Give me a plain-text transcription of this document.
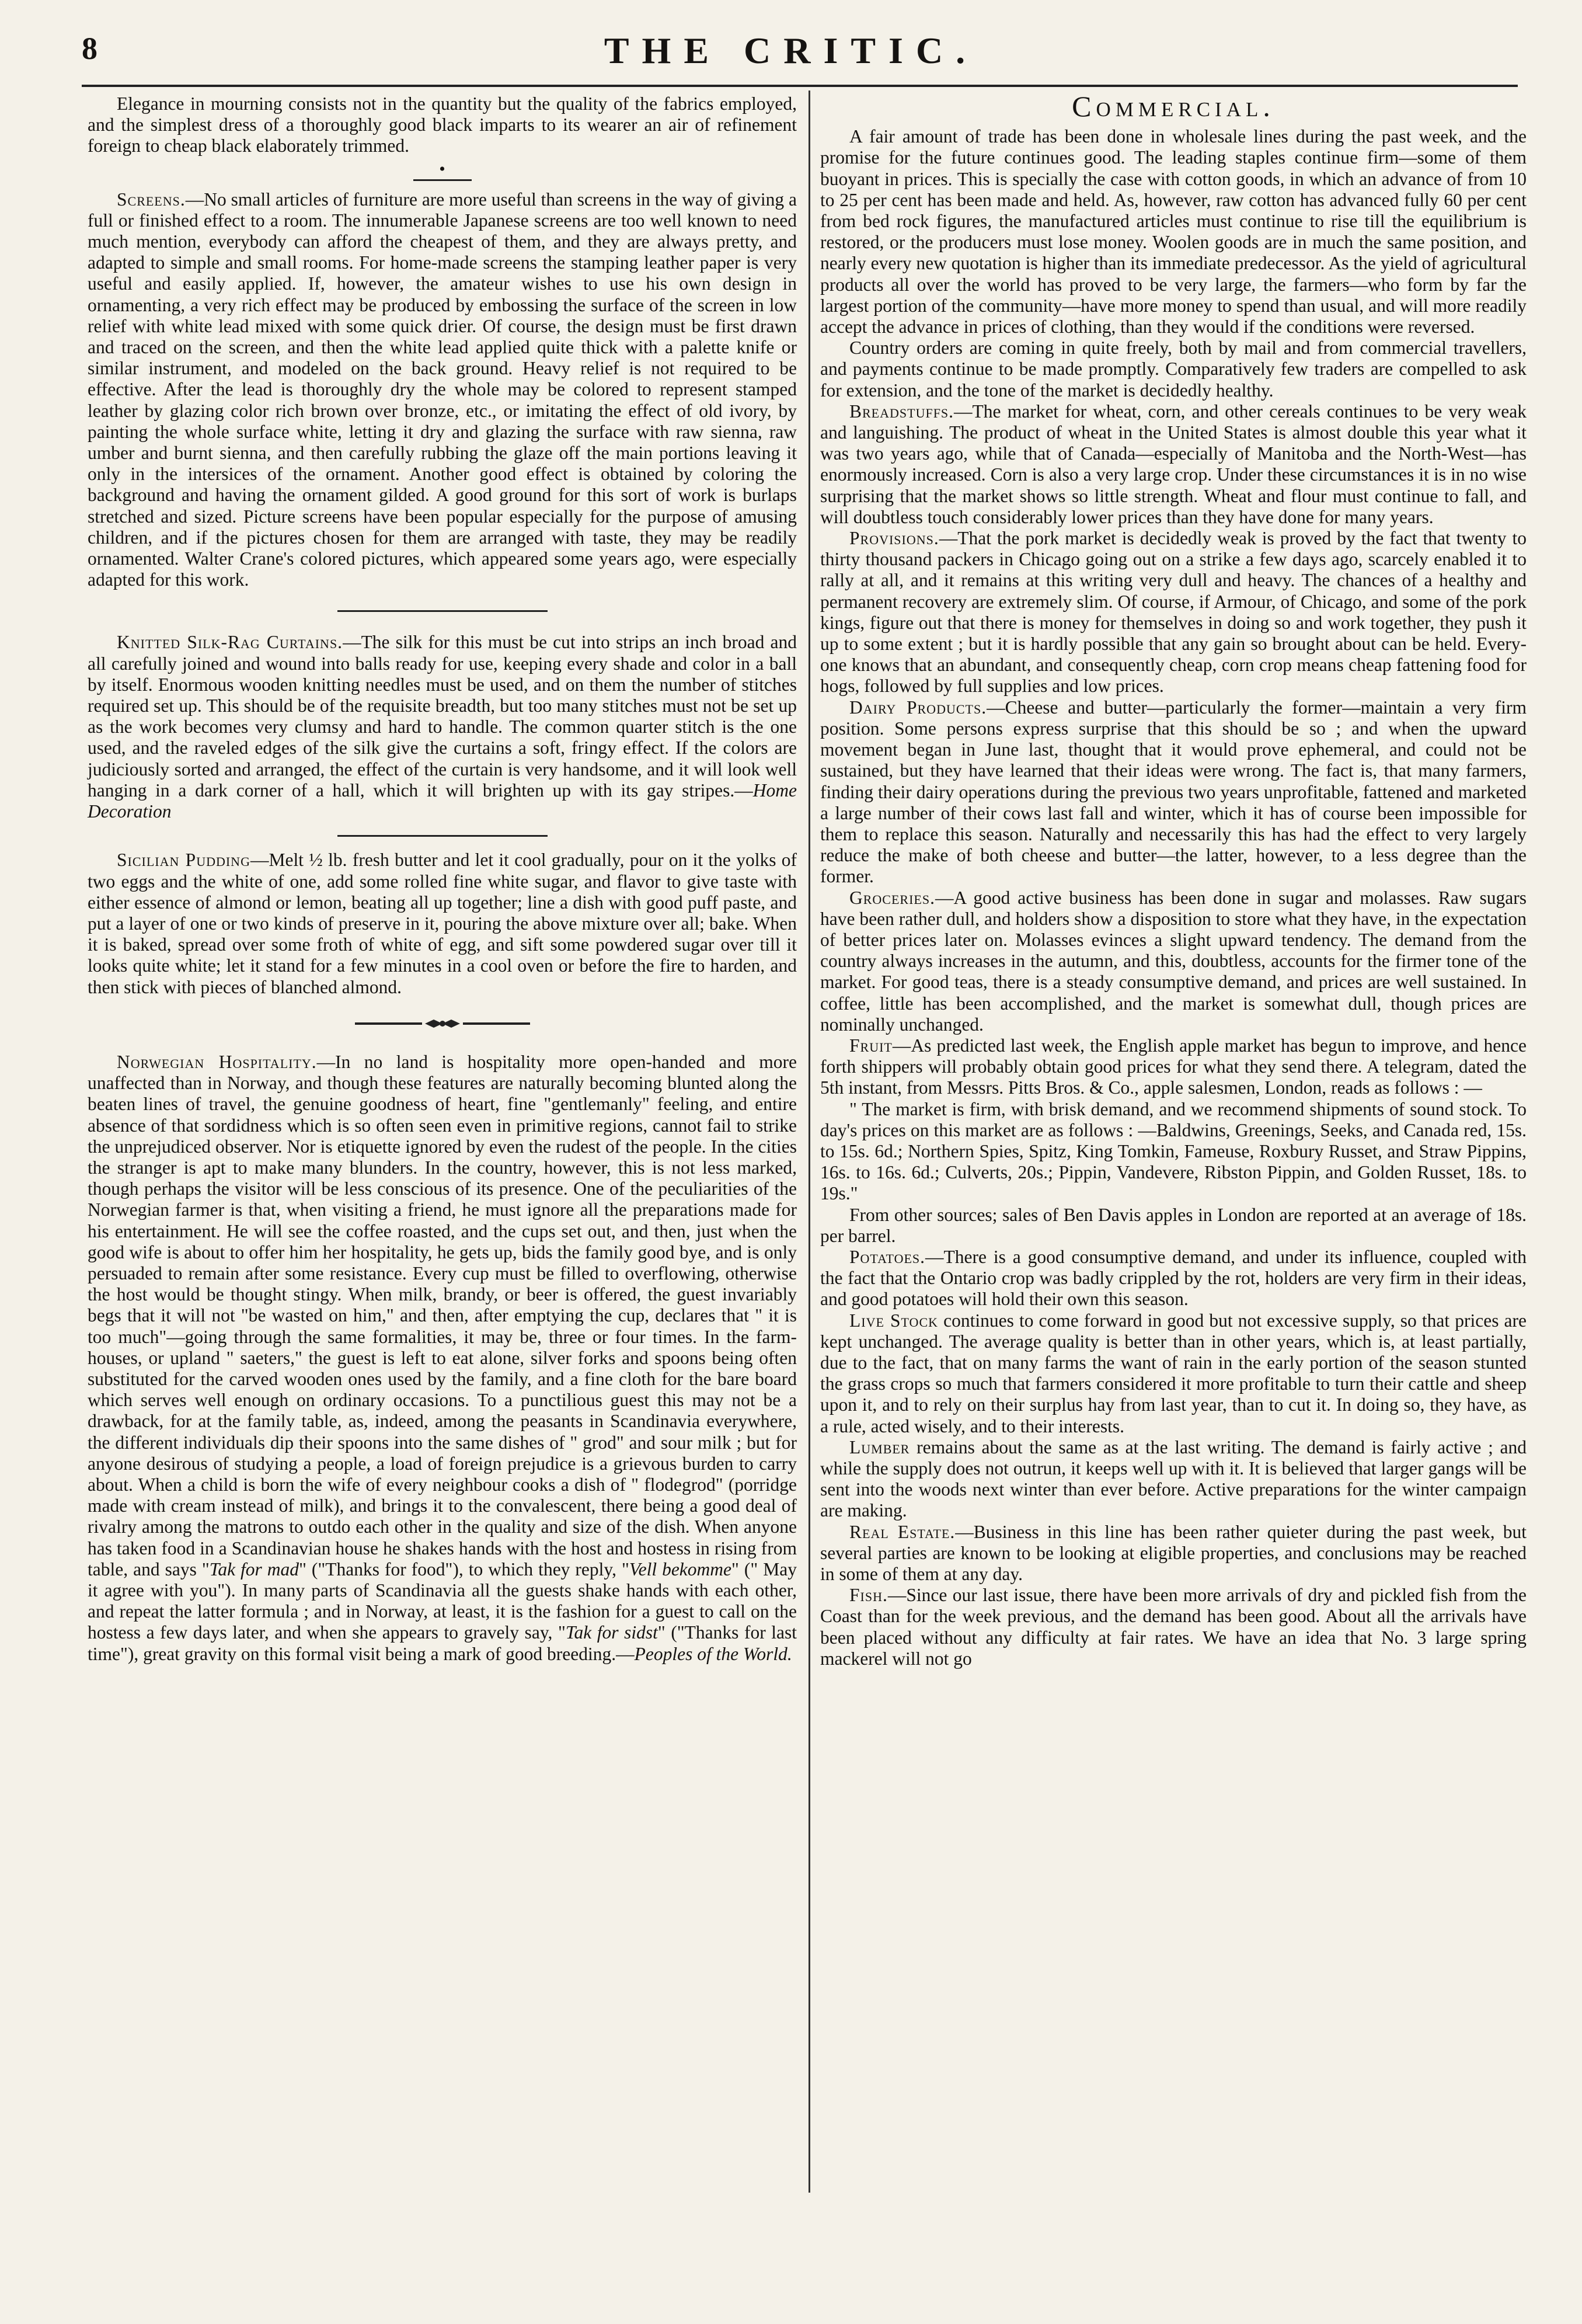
8	THE CRITIC.

Elegance in mourning consists not in the quantity but the quality of the fabrics employed, and the simplest dress of a thoroughly good black imparts to its wearer an air of refinement foreign to cheap black elaborately trimmed.

•

Screens.—No small articles of furniture are more useful than screens in the way of giving a full or finished effect to a room. The innumerable Japanese screens are too well known to need much mention, everybody can afford the cheapest of them, and they are always pretty, and adapted to simple and small rooms. For home-made screens the stamping leather paper is very useful and easily applied. If, however, the amateur wishes to use his own design in ornamenting, a very rich effect may be produced by embossing the surface of the screen in low relief with white lead mixed with some quick drier. Of course, the design must be first drawn and traced on the screen, and then the white lead applied quite thick with a palette knife or similar instrument, and modeled on the back ground. Heavy relief is not required to be effective. After the lead is thoroughly dry the whole may be colored to represent stamped leather by glazing color rich brown over bronze, etc., or imitating the effect of old ivory, by painting the whole surface white, letting it dry and glazing the surface with raw sienna, raw umber and burnt sienna, and then carefully rubbing the glaze off the main portions leaving it only in the intersices of the ornament. Another good effect is obtained by coloring the background and having the ornament gilded. A good ground for this sort of work is burlaps stretched and sized. Picture screens have been popular especially for the purpose of amusing children, and if the pictures chosen for them are arranged with taste, they may be readily ornamented. Walter Crane's colored pictures, which appeared some years ago, were especially adapted for this work.

Knitted Silk-Rag Curtains.—The silk for this must be cut into strips an inch broad and all carefully joined and wound into balls ready for use, keeping every shade and color in a ball by itself. Enormous wooden knitting needles must be used, and on them the number of stitches required set up. This should be of the requisite breadth, but too many stitches must not be set up as the work becomes very clumsy and hard to handle. The common quarter stitch is the one used, and the raveled edges of the silk give the curtains a soft, fringy effect. If the colors are judiciously sorted and arranged, the effect of the curtain is very handsome, and it will look well hanging in a dark corner of a hall, which it will brighten up with its gay stripes.—Home Decoration

Sicilian Pudding—Melt ½ lb. fresh butter and let it cool gradually, pour on it the yolks of two eggs and the white of one, add some rolled fine white sugar, and flavor to give taste with either essence of almond or lemon, beating all up together; line a dish with good puff paste, and put a layer of one or two kinds of preserve in it, pouring the above mixture over all; bake. When it is baked, spread over some froth of white of egg, and sift some powdered sugar over till it looks quite white; let it stand for a few minutes in a cool oven or before the fire to harden, and then stick with pieces of blanched almond.

Norwegian Hospitality.—In no land is hospitality more open-handed and more unaffected than in Norway, and though these features are naturally becoming blunted along the beaten lines of travel, the genuine goodness of heart, fine "gentlemanly" feeling, and entire absence of that sordidness which is so often seen even in primitive regions, cannot fail to strike the unprejudiced observer. Nor is etiquette ignored by even the rudest of the people. In the cities the stranger is apt to make many blunders. In the country, however, this is not less marked, though perhaps the visitor will be less conscious of its presence. One of the peculiarities of the Norwegian farmer is that, when visiting a friend, he must ignore all the preparations made for his entertainment. He will see the coffee roasted, and the cups set out, and then, just when the good wife is about to offer him her hospitality, he gets up, bids the family good bye, and is only persuaded to remain after some resistance. Every cup must be filled to overflowing, otherwise the host would be thought stingy. When milk, brandy, or beer is offered, the guest invariably begs that it will not "be wasted on him," and then, after emptying the cup, declares that " it is too much"—going through the same formalities, it may be, three or four times. In the farm-houses, or upland " saeters," the guest is left to eat alone, silver forks and spoons being often substituted for the carved wooden ones used by the family, and a fine cloth for the bare board which serves well enough on ordinary occasions. To a punctilious guest this may not be a drawback, for at the family table, as, indeed, among the peasants in Scandinavia everywhere, the different individuals dip their spoons into the same dishes of " grod" and sour milk ; but for anyone desirous of studying a people, a load of foreign prejudice is a grievous burden to carry about. When a child is born the wife of every neighbour cooks a dish of " flodegrod" (porridge made with cream instead of milk), and brings it to the convalescent, there being a good deal of rivalry among the matrons to outdo each other in the quality and size of the dish. When anyone has taken food in a Scandinavian house he shakes hands with the host and hostess in rising from table, and says "Tak for mad" ("Thanks for food"), to which they reply, "Vell bekomme" (" May it agree with you"). In many parts of Scandinavia all the guests shake hands with each other, and repeat the latter formula ; and in Norway, at least, it is the fashion for a guest to call on the hostess a few days later, and when she appears to gravely say, "Tak for sidst" ("Thanks for last time"), great gravity on this formal visit being a mark of good breeding.—Peoples of the World.

Commercial.

A fair amount of trade has been done in wholesale lines during the past week, and the promise for the future continues good. The leading staples continue firm—some of them buoyant in prices. This is specially the case with cotton goods, in which an advance of from 10 to 25 per cent has been made and held. As, however, raw cotton has advanced fully 60 per cent from bed rock figures, the manufactured articles must continue to rise till the equilibrium is restored, or the producers must lose money. Woolen goods are in much the same position, and nearly every new quotation is higher than its immediate predecessor. As the yield of agricultural products all over the world has proved to be very large, the farmers—who form by far the largest portion of the community—have more money to spend than usual, and will more readily accept the advance in prices of clothing, than they would if the conditions were reversed.

Country orders are coming in quite freely, both by mail and from commercial travellers, and payments continue to be made promptly. Comparatively few traders are compelled to ask for extension, and the tone of the market is decidedly healthy.

Breadstuffs.—The market for wheat, corn, and other cereals continues to be very weak and languishing. The product of wheat in the United States is almost double this year what it was two years ago, while that of Canada—especially of Manitoba and the North-West—has enormously increased. Corn is also a very large crop. Under these circumstances it is in no wise surprising that the market shows so little strength. Wheat and flour must continue to fall, and will doubtless touch considerably lower prices than they have done for many years.

Provisions.—That the pork market is decidedly weak is proved by the fact that twenty to thirty thousand packers in Chicago going out on a strike a few days ago, scarcely enabled it to rally at all, and it remains at this writing very dull and heavy. The chances of a healthy and permanent recovery are extremely slim. Of course, if Armour, of Chicago, and some of the pork kings, figure out that there is money for themselves in doing so and work together, they push it up to some extent ; but it is hardly possible that any gain so brought about can be held. Every-one knows that an abundant, and consequently cheap, corn crop means cheap fattening food for hogs, followed by full supplies and low prices.

Dairy Products.—Cheese and butter—particularly the former—maintain a very firm position. Some persons express surprise that this should be so ; and when the upward movement began in June last, thought that it would prove ephemeral, and could not be sustained, but they have learned that their ideas were wrong. The fact is, that many farmers, finding their dairy operations during the previous two years unprofitable, fattened and marketed a large number of their cows last fall and winter, which it has of course been impossible for them to replace this season. Naturally and necessarily this has had the effect to very largely reduce the make of both cheese and butter—the latter, however, to a less degree than the former.

Groceries.—A good active business has been done in sugar and molasses. Raw sugars have been rather dull, and holders show a disposition to store what they have, in the expectation of better prices later on. Molasses evinces a slight upward tendency. The demand from the country always increases in the autumn, and this, doubtless, accounts for the firmer tone of the market. For good teas, there is a steady consumptive demand, and prices are well sustained. In coffee, little has been accomplished, and the market is somewhat dull, though prices are nominally unchanged.

Fruit—As predicted last week, the English apple market has begun to improve, and hence forth shippers will probably obtain good prices for what they send there. A telegram, dated the 5th instant, from Messrs. Pitts Bros. & Co., apple salesmen, London, reads as follows : —

" The market is firm, with brisk demand, and we recommend shipments of sound stock. To day's prices on this market are as follows : —Baldwins, Greenings, Seeks, and Canada red, 15s. to 15s. 6d.; Northern Spies, Spitz, King Tomkin, Fameuse, Roxbury Russet, and Straw Pippins, 16s. to 16s. 6d.; Culverts, 20s.; Pippin, Vandevere, Ribston Pippin, and Golden Russet, 18s. to 19s."

From other sources; sales of Ben Davis apples in London are reported at an average of 18s. per barrel.

Potatoes.—There is a good consumptive demand, and under its influence, coupled with the fact that the Ontario crop was badly crippled by the rot, holders are very firm in their ideas, and good potatoes will hold their own this season.

Live Stock continues to come forward in good but not excessive supply, so that prices are kept unchanged. The average quality is better than in other years, which is, at least partially, due to the fact, that on many farms the want of rain in the early portion of the season stunted the grass crops so much that farmers considered it more profitable to turn their cattle and sheep upon it, and to rely on their surplus hay from last year, than to cut it. In doing so, they have, as a rule, acted wisely, and to their interests.

Lumber remains about the same as at the last writing. The demand is fairly active ; and while the supply does not outrun, it keeps well up with it. It is believed that larger gangs will be sent into the woods next winter than ever before. Active preparations for the winter campaign are making.

Real Estate.—Business in this line has been rather quieter during the past week, but several parties are known to be looking at eligible properties, and conclusions may be reached in some of them at any day.

Fish.—Since our last issue, there have been more arrivals of dry and pickled fish from the Coast than for the week previous, and the demand has been good. About all the arrivals have been placed without any difficulty at fair rates. We have an idea that No. 3 large spring mackerel will not go
